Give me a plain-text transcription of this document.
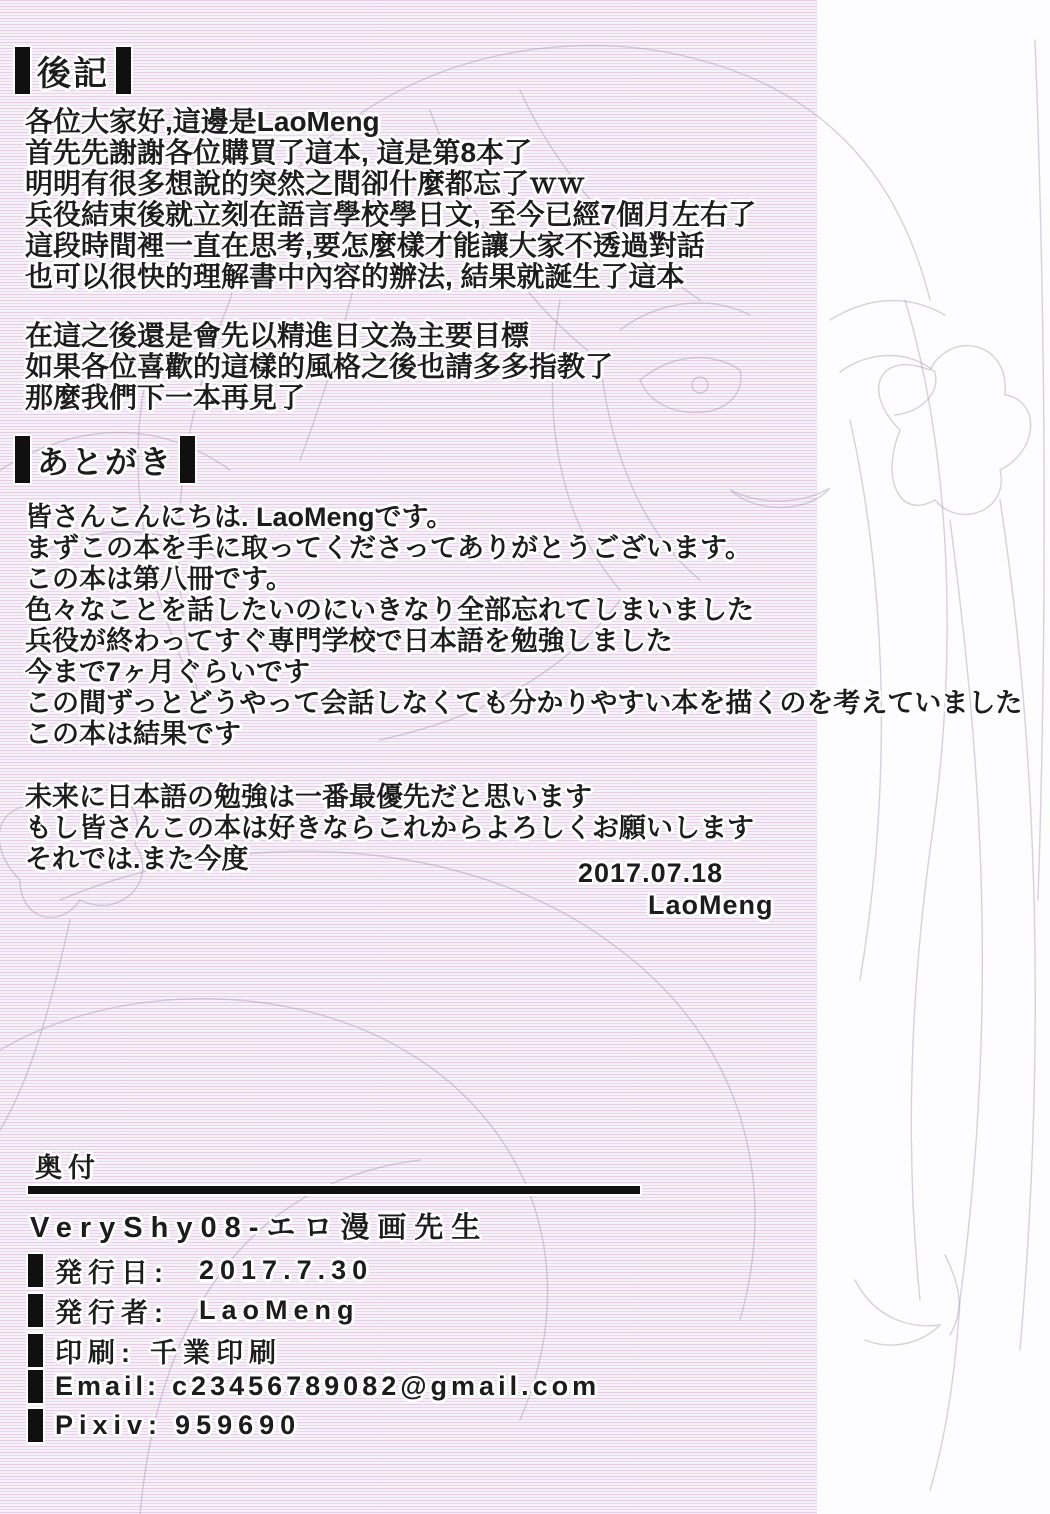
後記
各位大家好,這邊是LaoMeng
首先先謝謝各位購買了這本, 這是第8本了
明明有很多想說的突然之間卻什麼都忘了ｗｗ
兵役結束後就立刻在語言學校學日文, 至今已經7個月左右了
這段時間裡一直在思考,要怎麼樣才能讓大家不透過對話
也可以很快的理解書中內容的辦法, 結果就誕生了這本
在這之後還是會先以精進日文為主要目標
如果各位喜歡的這樣的風格之後也請多多指教了
那麼我們下一本再見了
あとがき
皆さんこんにちは. LaoMengです。
まずこの本を手に取ってくださってありがとうございます。
この本は第八冊です。
色々なことを話したいのにいきなり全部忘れてしまいました
兵役が終わってすぐ専門学校で日本語を勉強しました
今まで7ヶ月ぐらいです
この間ずっとどうやって会話しなくても分かりやすい本を描くのを考えていました
この本は結果です
未来に日本語の勉強は一番最優先だと思います
もし皆さんこの本は好きならこれからよろしくお願いします
それでは.また今度	2017.07.18
LaoMeng
奥付
VeryShy08-エロ漫画先生
発行日: 2017.7.30
発行者: LaoMeng
印刷: 千業印刷
Email: c23456789082@gmail.com
Pixiv: 959690
